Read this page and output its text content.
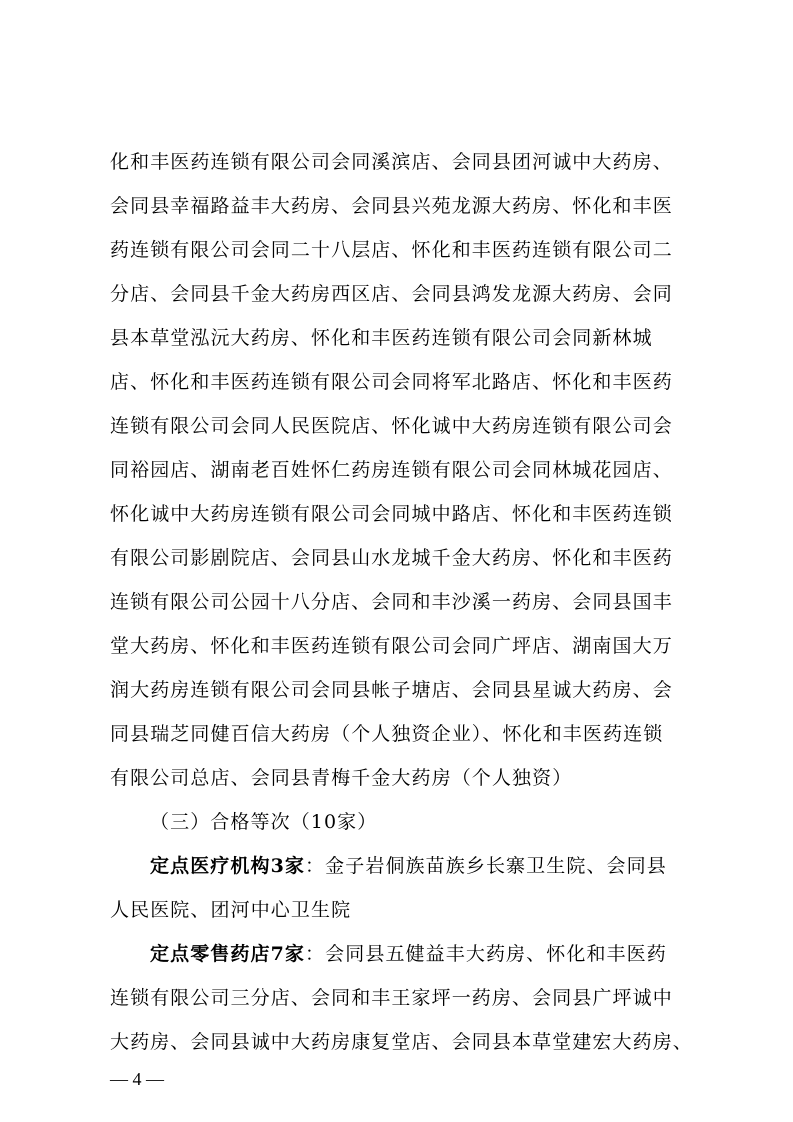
化和丰医药连锁有限公司会同溪滨店、会同县团河诚中大药房、
会同县幸福路益丰大药房、会同县兴苑龙源大药房、怀化和丰医
药连锁有限公司会同二十八层店、怀化和丰医药连锁有限公司二
分店、会同县千金大药房西区店、会同县鸿发龙源大药房、会同
县本草堂泓沅大药房、怀化和丰医药连锁有限公司会同新林城
店、怀化和丰医药连锁有限公司会同将军北路店、怀化和丰医药
连锁有限公司会同人民医院店、怀化诚中大药房连锁有限公司会
同裕园店、湖南老百姓怀仁药房连锁有限公司会同林城花园店、
怀化诚中大药房连锁有限公司会同城中路店、怀化和丰医药连锁
有限公司影剧院店、会同县山水龙城千金大药房、怀化和丰医药
连锁有限公司公园十八分店、会同和丰沙溪一药房、会同县国丰
堂大药房、怀化和丰医药连锁有限公司会同广坪店、湖南国大万
润大药房连锁有限公司会同县帐子塘店、会同县星诚大药房、会
同县瑞芝同健百信大药房（个人独资企业）、怀化和丰医药连锁
有限公司总店、会同县青梅千金大药房（个人独资）
（三）合格等次（10家）
定点医疗机构3家：金子岩侗族苗族乡长寨卫生院、会同县
人民医院、团河中心卫生院
定点零售药店7家：会同县五健益丰大药房、怀化和丰医药
连锁有限公司三分店、会同和丰王家坪一药房、会同县广坪诚中
大药房、会同县诚中大药房康复堂店、会同县本草堂建宏大药房、
— 4 —
